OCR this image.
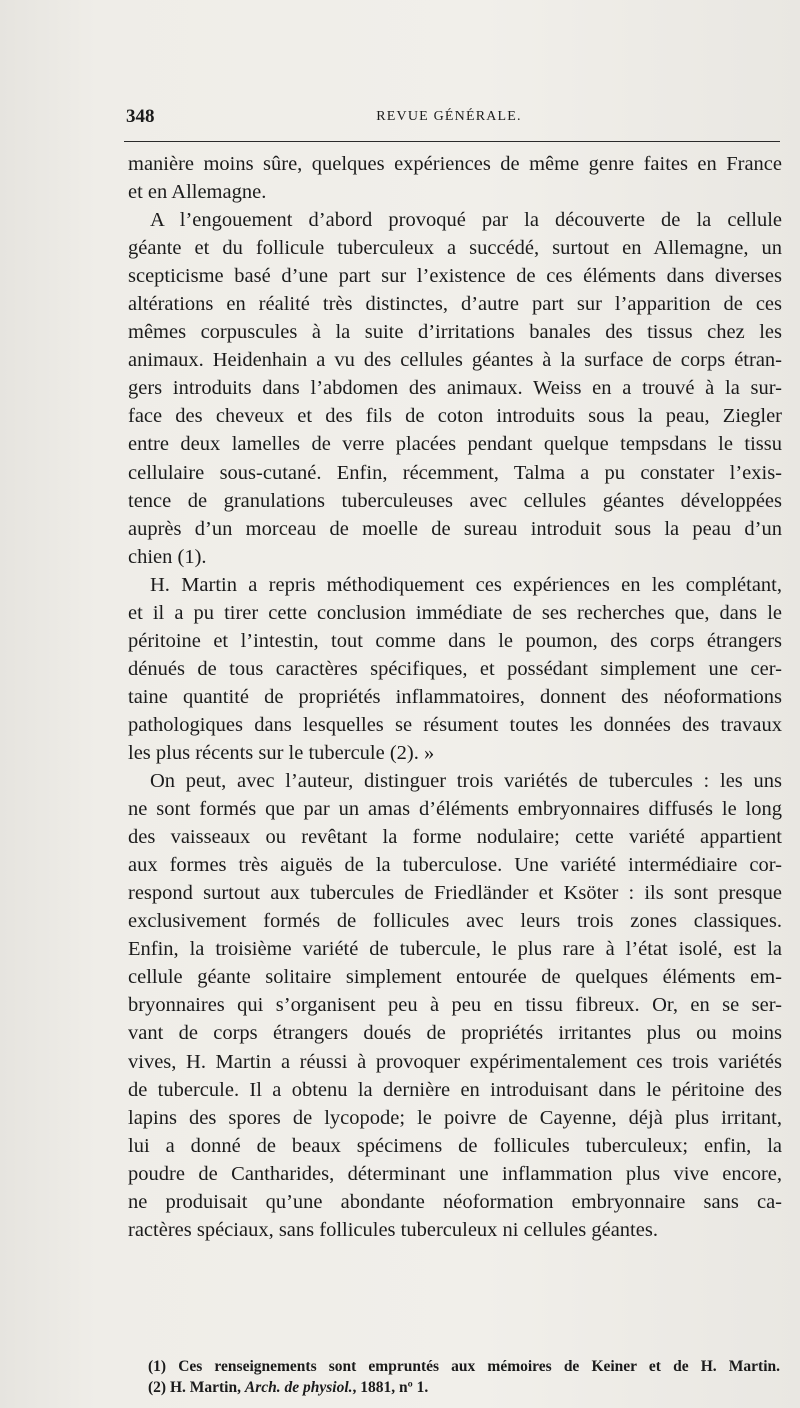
348	REVUE GÉNÉRALE.
manière moins sûre, quelques expériences de même genre faites en France
et en Allemagne.
A l’engouement d’abord provoqué par la découverte de la cellule
géante et du follicule tuberculeux a succédé, surtout en Allemagne, un
scepticisme basé d’une part sur l’existence de ces éléments dans diverses
altérations en réalité très distinctes, d’autre part sur l’apparition de ces
mêmes corpuscules à la suite d’irritations banales des tissus chez les
animaux. Heidenhain a vu des cellules géantes à la surface de corps étran-
gers introduits dans l’abdomen des animaux. Weiss en a trouvé à la sur-
face des cheveux et des fils de coton introduits sous la peau, Ziegler
entre deux lamelles de verre placées pendant quelque tempsdans le tissu
cellulaire sous-cutané. Enfin, récemment, Talma a pu constater l’exis-
tence de granulations tuberculeuses avec cellules géantes développées
auprès d’un morceau de moelle de sureau introduit sous la peau d’un
chien (1).
H. Martin a repris méthodiquement ces expériences en les complétant,
et il a pu tirer cette conclusion immédiate de ses recherches que, dans le
péritoine et l’intestin, tout comme dans le poumon, des corps étrangers
dénués de tous caractères spécifiques, et possédant simplement une cer-
taine quantité de propriétés inflammatoires, donnent des néoformations
pathologiques dans lesquelles se résument toutes les données des travaux
les plus récents sur le tubercule (2). »
On peut, avec l’auteur, distinguer trois variétés de tubercules : les uns
ne sont formés que par un amas d’éléments embryonnaires diffusés le long
des vaisseaux ou revêtant la forme nodulaire; cette variété appartient
aux formes très aiguës de la tuberculose. Une variété intermédiaire cor-
respond surtout aux tubercules de Friedländer et Ksöter : ils sont presque
exclusivement formés de follicules avec leurs trois zones classiques.
Enfin, la troisième variété de tubercule, le plus rare à l’état isolé, est la
cellule géante solitaire simplement entourée de quelques éléments em-
bryonnaires qui s’organisent peu à peu en tissu fibreux. Or, en se ser-
vant de corps étrangers doués de propriétés irritantes plus ou moins
vives, H. Martin a réussi à provoquer expérimentalement ces trois variétés
de tubercule. Il a obtenu la dernière en introduisant dans le péritoine des
lapins des spores de lycopode; le poivre de Cayenne, déjà plus irritant,
lui a donné de beaux spécimens de follicules tuberculeux; enfin, la
poudre de Cantharides, déterminant une inflammation plus vive encore,
ne produisait qu’une abondante néoformation embryonnaire sans ca-
ractères spéciaux, sans follicules tuberculeux ni cellules géantes.
(1) Ces renseignements sont empruntés aux mémoires de Keiner et de H. Martin.
(2) H. Martin, Arch. de physiol., 1881, nº 1.
